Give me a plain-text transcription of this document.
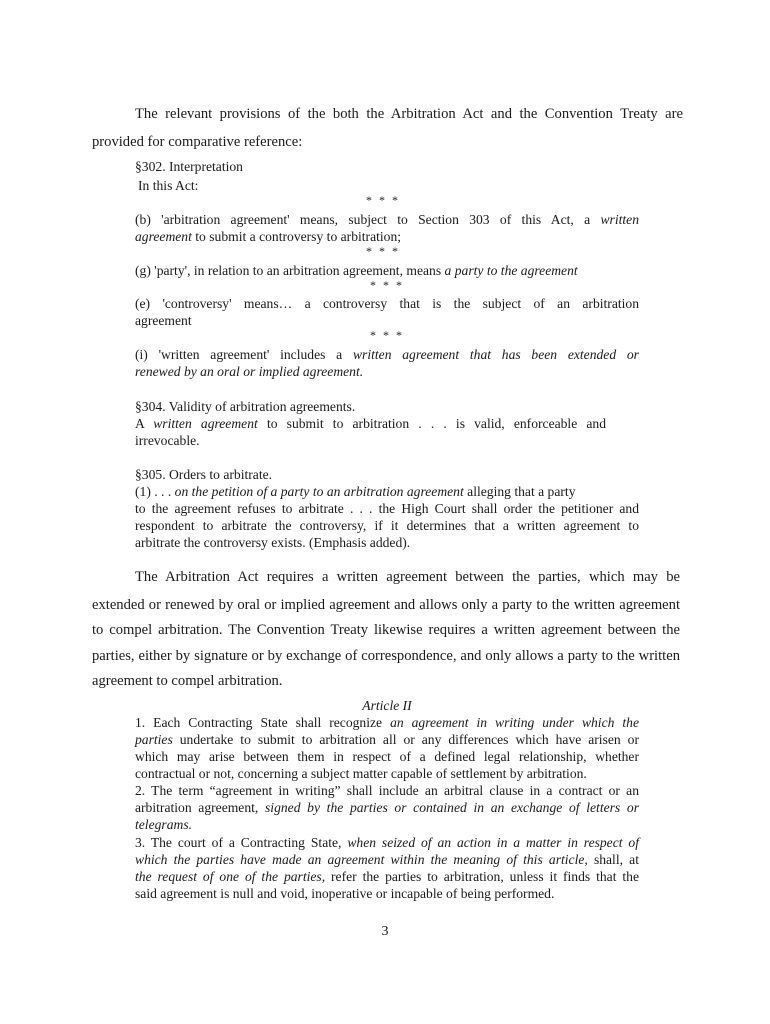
The relevant provisions of the both the Arbitration Act and the Convention Treaty are
provided for comparative reference:
§302. Interpretation
In this Act:
* * *
(b) 'arbitration agreement' means, subject to Section 303 of this Act, a written
agreement to submit a controversy to arbitration;
* * *
(g) 'party', in relation to an arbitration agreement, means a party to the agreement
* * *
(e) 'controversy' means… a controversy that is the subject of an arbitration
agreement
* * *
(i) 'written agreement' includes a written agreement that has been extended or
renewed by an oral or implied agreement.
§304. Validity of arbitration agreements.
A written agreement to submit to arbitration . . . is valid, enforceable and
irrevocable.
§305. Orders to arbitrate.
(1) . . . on the petition of a party to an arbitration agreement alleging that a party
to the agreement refuses to arbitrate . . . the High Court shall order the petitioner and
respondent to arbitrate the controversy, if it determines that a written agreement to
arbitrate the controversy exists. (Emphasis added).
The Arbitration Act requires a written agreement between the parties, which may be
extended or renewed by oral or implied agreement and allows only a party to the written agreement
to compel arbitration. The Convention Treaty likewise requires a written agreement between the
parties, either by signature or by exchange of correspondence, and only allows a party to the written
agreement to compel arbitration.
Article II
1. Each Contracting State shall recognize an agreement in writing under which the
parties undertake to submit to arbitration all or any differences which have arisen or
which may arise between them in respect of a defined legal relationship, whether
contractual or not, concerning a subject matter capable of settlement by arbitration.
2. The term “agreement in writing” shall include an arbitral clause in a contract or an
arbitration agreement, signed by the parties or contained in an exchange of letters or
telegrams.
3. The court of a Contracting State, when seized of an action in a matter in respect of
which the parties have made an agreement within the meaning of this article, shall, at
the request of one of the parties, refer the parties to arbitration, unless it finds that the
said agreement is null and void, inoperative or incapable of being performed.
3
